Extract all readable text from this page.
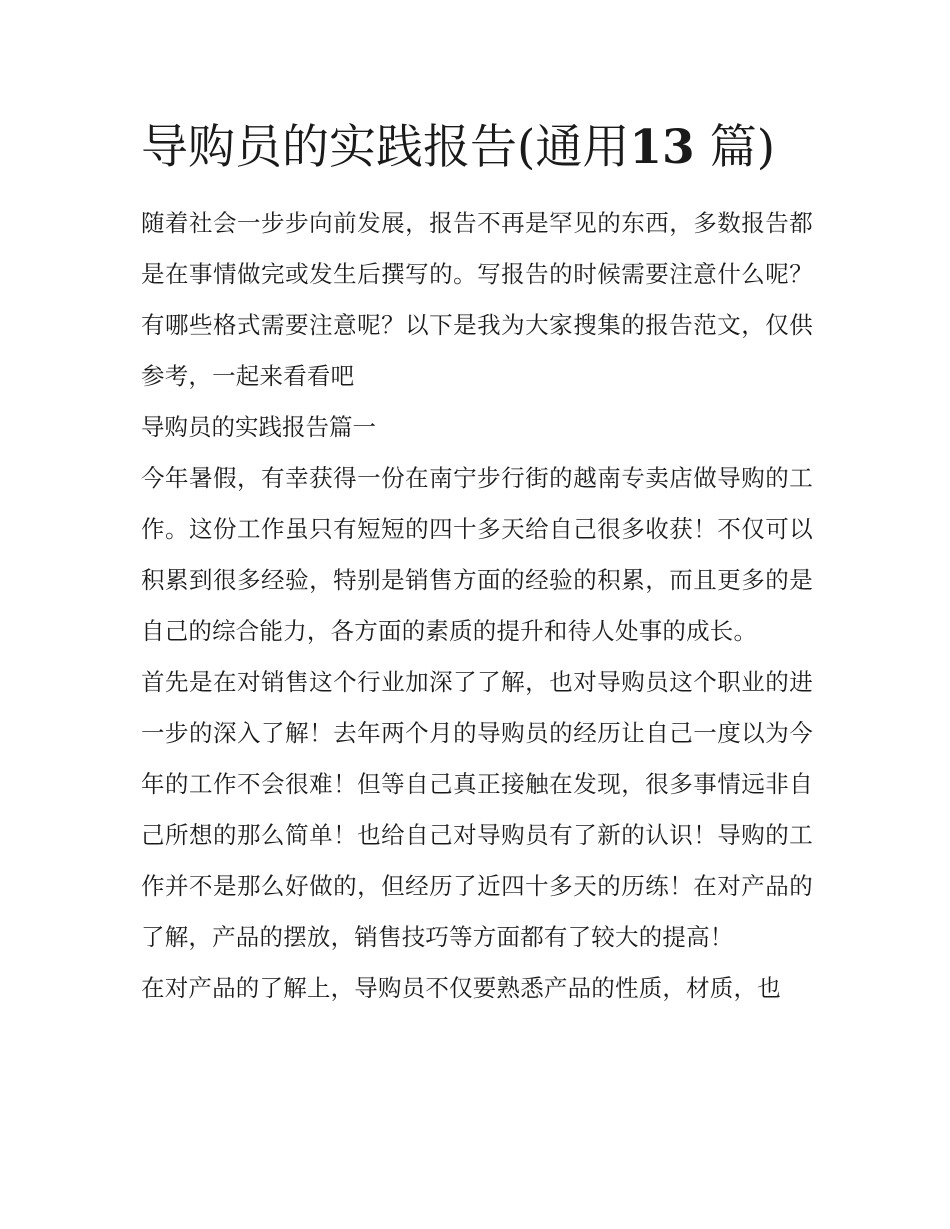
导购员的实践报告(通用13 篇)

随着社会一步步向前发展，报告不再是罕见的东西，多数报告都是在事情做完或发生后撰写的。写报告的时候需要注意什么呢？有哪些格式需要注意呢？以下是我为大家搜集的报告范文，仅供参考，一起来看看吧

导购员的实践报告篇一

今年暑假，有幸获得一份在南宁步行街的越南专卖店做导购的工作。这份工作虽只有短短的四十多天给自己很多收获！不仅可以积累到很多经验，特别是销售方面的经验的积累，而且更多的是自己的综合能力，各方面的素质的提升和待人处事的成长。

首先是在对销售这个行业加深了了解，也对导购员这个职业的进一步的深入了解！去年两个月的导购员的经历让自己一度以为今年的工作不会很难！但等自己真正接触在发现，很多事情远非自己所想的那么简单！也给自己对导购员有了新的认识！导购的工作并不是那么好做的，但经历了近四十多天的历练！在对产品的了解，产品的摆放，销售技巧等方面都有了较大的提高！

在对产品的了解上，导购员不仅要熟悉产品的性质，材质，也
